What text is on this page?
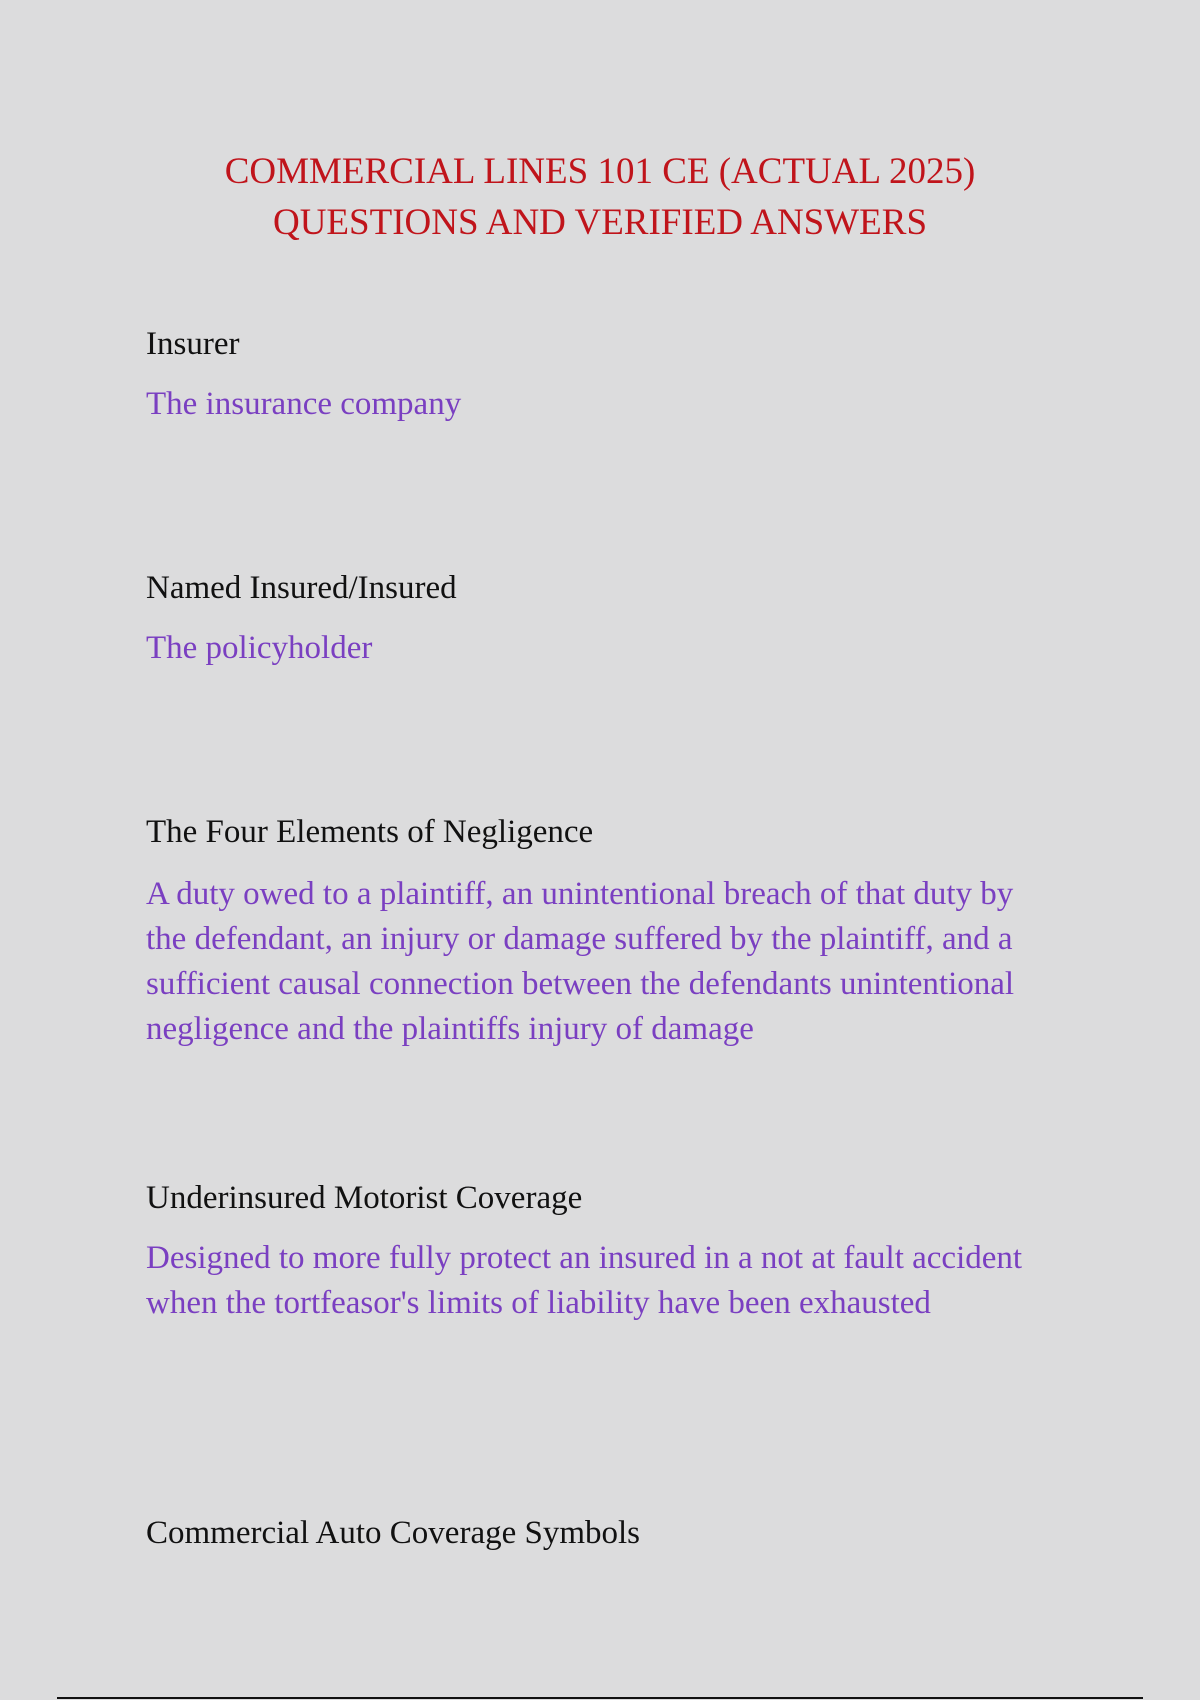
COMMERCIAL LINES 101 CE (ACTUAL 2025)
QUESTIONS AND VERIFIED ANSWERS

Insurer

The insurance company

Named Insured/Insured

The policyholder

The Four Elements of Negligence

A duty owed to a plaintiff, an unintentional breach of that duty by the defendant, an injury or damage suffered by the plaintiff, and a sufficient causal connection between the defendants unintentional negligence and the plaintiffs injury of damage

Underinsured Motorist Coverage

Designed to more fully protect an insured in a not at fault accident when the tortfeasor's limits of liability have been exhausted

Commercial Auto Coverage Symbols
